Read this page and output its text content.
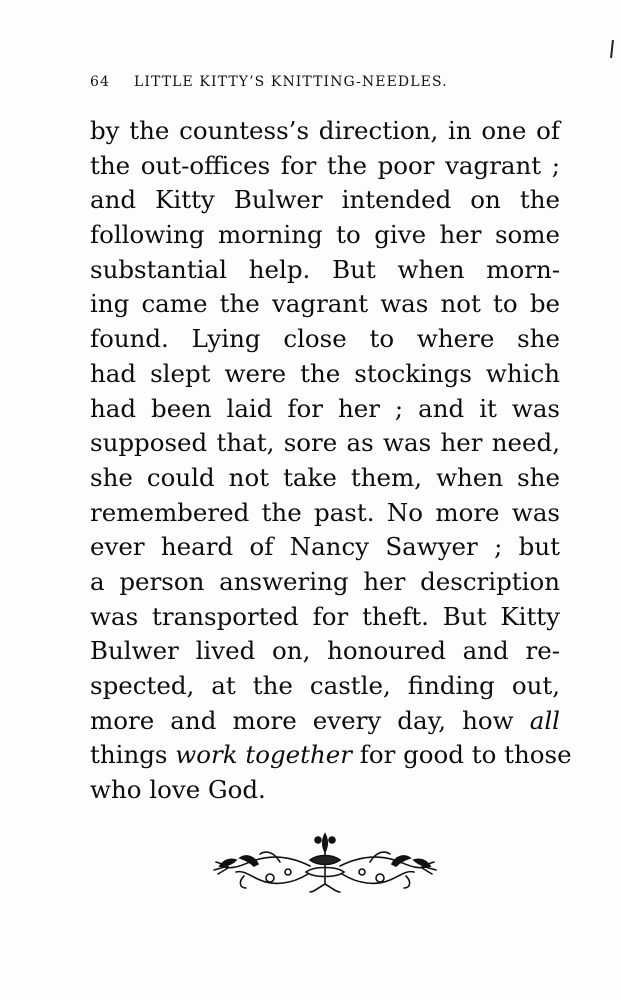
64 LITTLE KITTY’S KNITTING-NEEDLES.
by the countess’s direction, in one of
the out-offices for the poor vagrant ;
and Kitty Bulwer intended on the
following morning to give her some
substantial help. But when morn-
ing came the vagrant was not to be
found. Lying close to where she
had slept were the stockings which
had been laid for her ; and it was
supposed that, sore as was her need,
she could not take them, when she
remembered the past. No more was
ever heard of Nancy Sawyer ; but
a person answering her description
was transported for theft. But Kitty
Bulwer lived on, honoured and re-
spected, at the castle, finding out,
more and more every day, how all
things work together for good to those
who love God.
